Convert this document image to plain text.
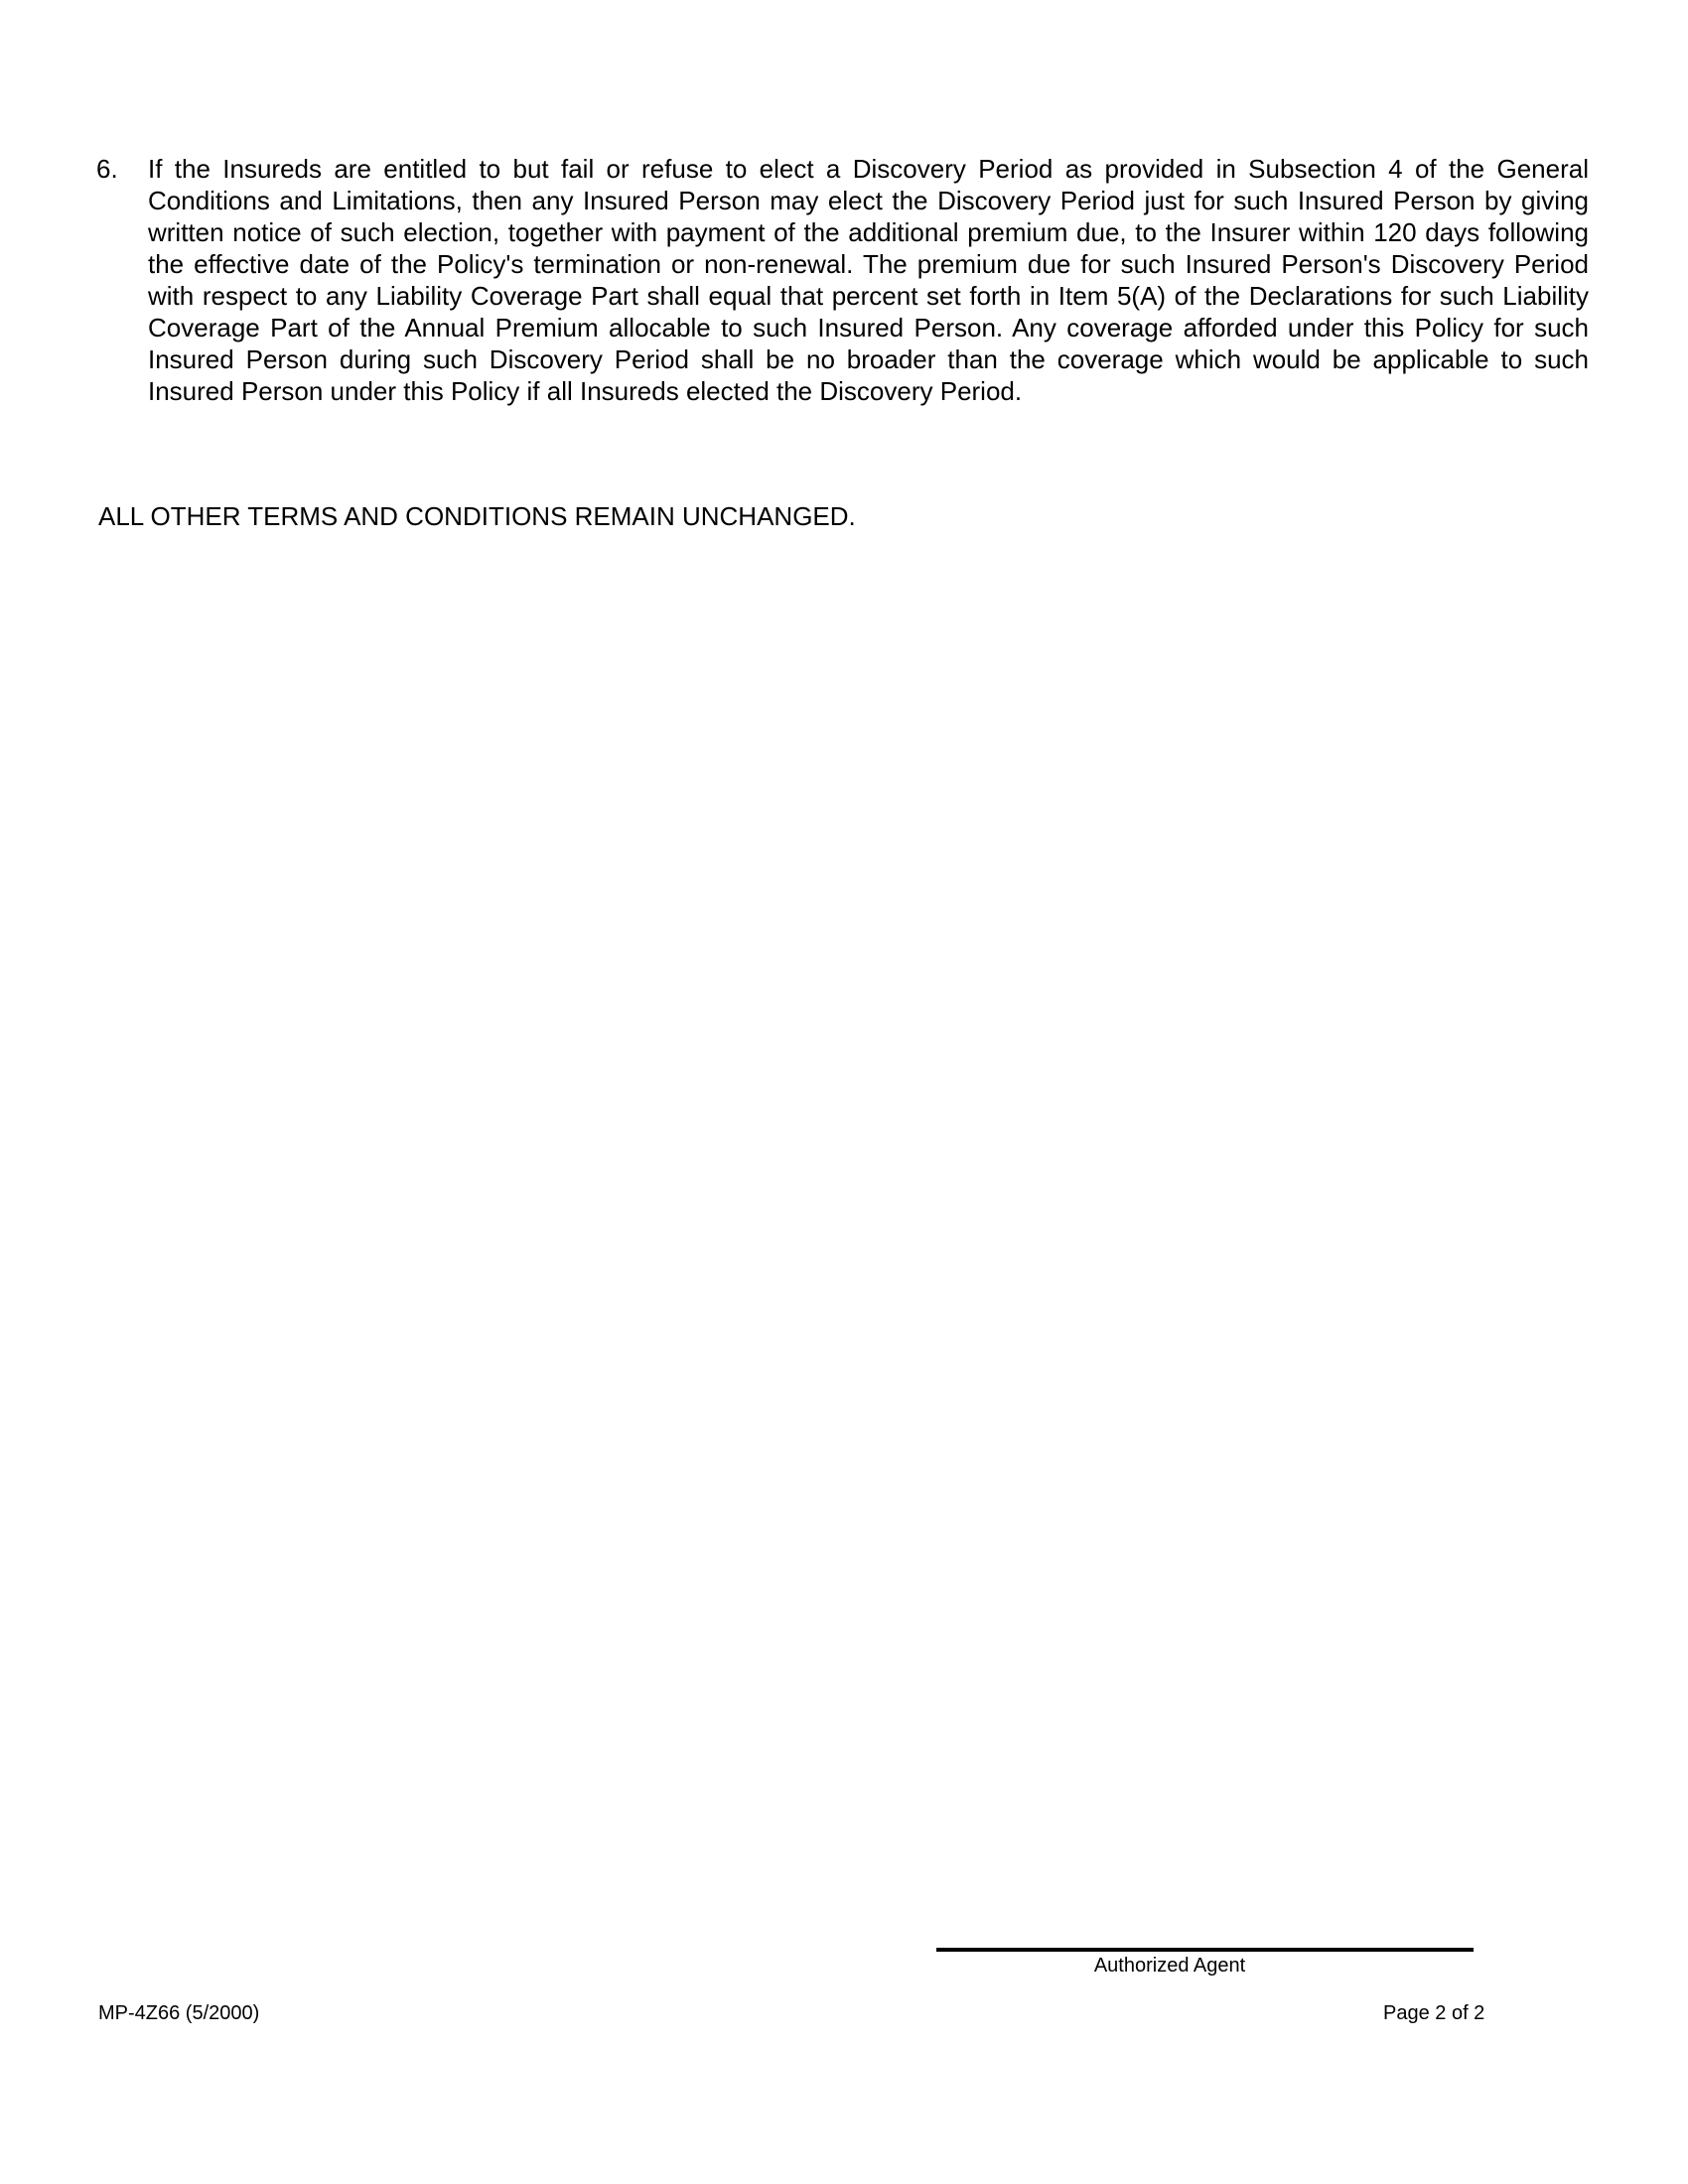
6.	If the Insureds are entitled to but fail or refuse to elect a Discovery Period as provided in Subsection 4 of the General Conditions and Limitations, then any Insured Person may elect the Discovery Period just for such Insured Person by giving written notice of such election, together with payment of the additional premium due, to the Insurer within 120 days following the effective date of the Policy's termination or non-renewal. The premium due for such Insured Person's Discovery Period with respect to any Liability Coverage Part shall equal that percent set forth in Item 5(A) of the Declarations for such Liability Coverage Part of the Annual Premium allocable to such Insured Person. Any coverage afforded under this Policy for such Insured Person during such Discovery Period shall be no broader than the coverage which would be applicable to such Insured Person under this Policy if all Insureds elected the Discovery Period.
ALL OTHER TERMS AND CONDITIONS REMAIN UNCHANGED.
Authorized Agent
MP-4Z66 (5/2000)	Page 2 of 2
